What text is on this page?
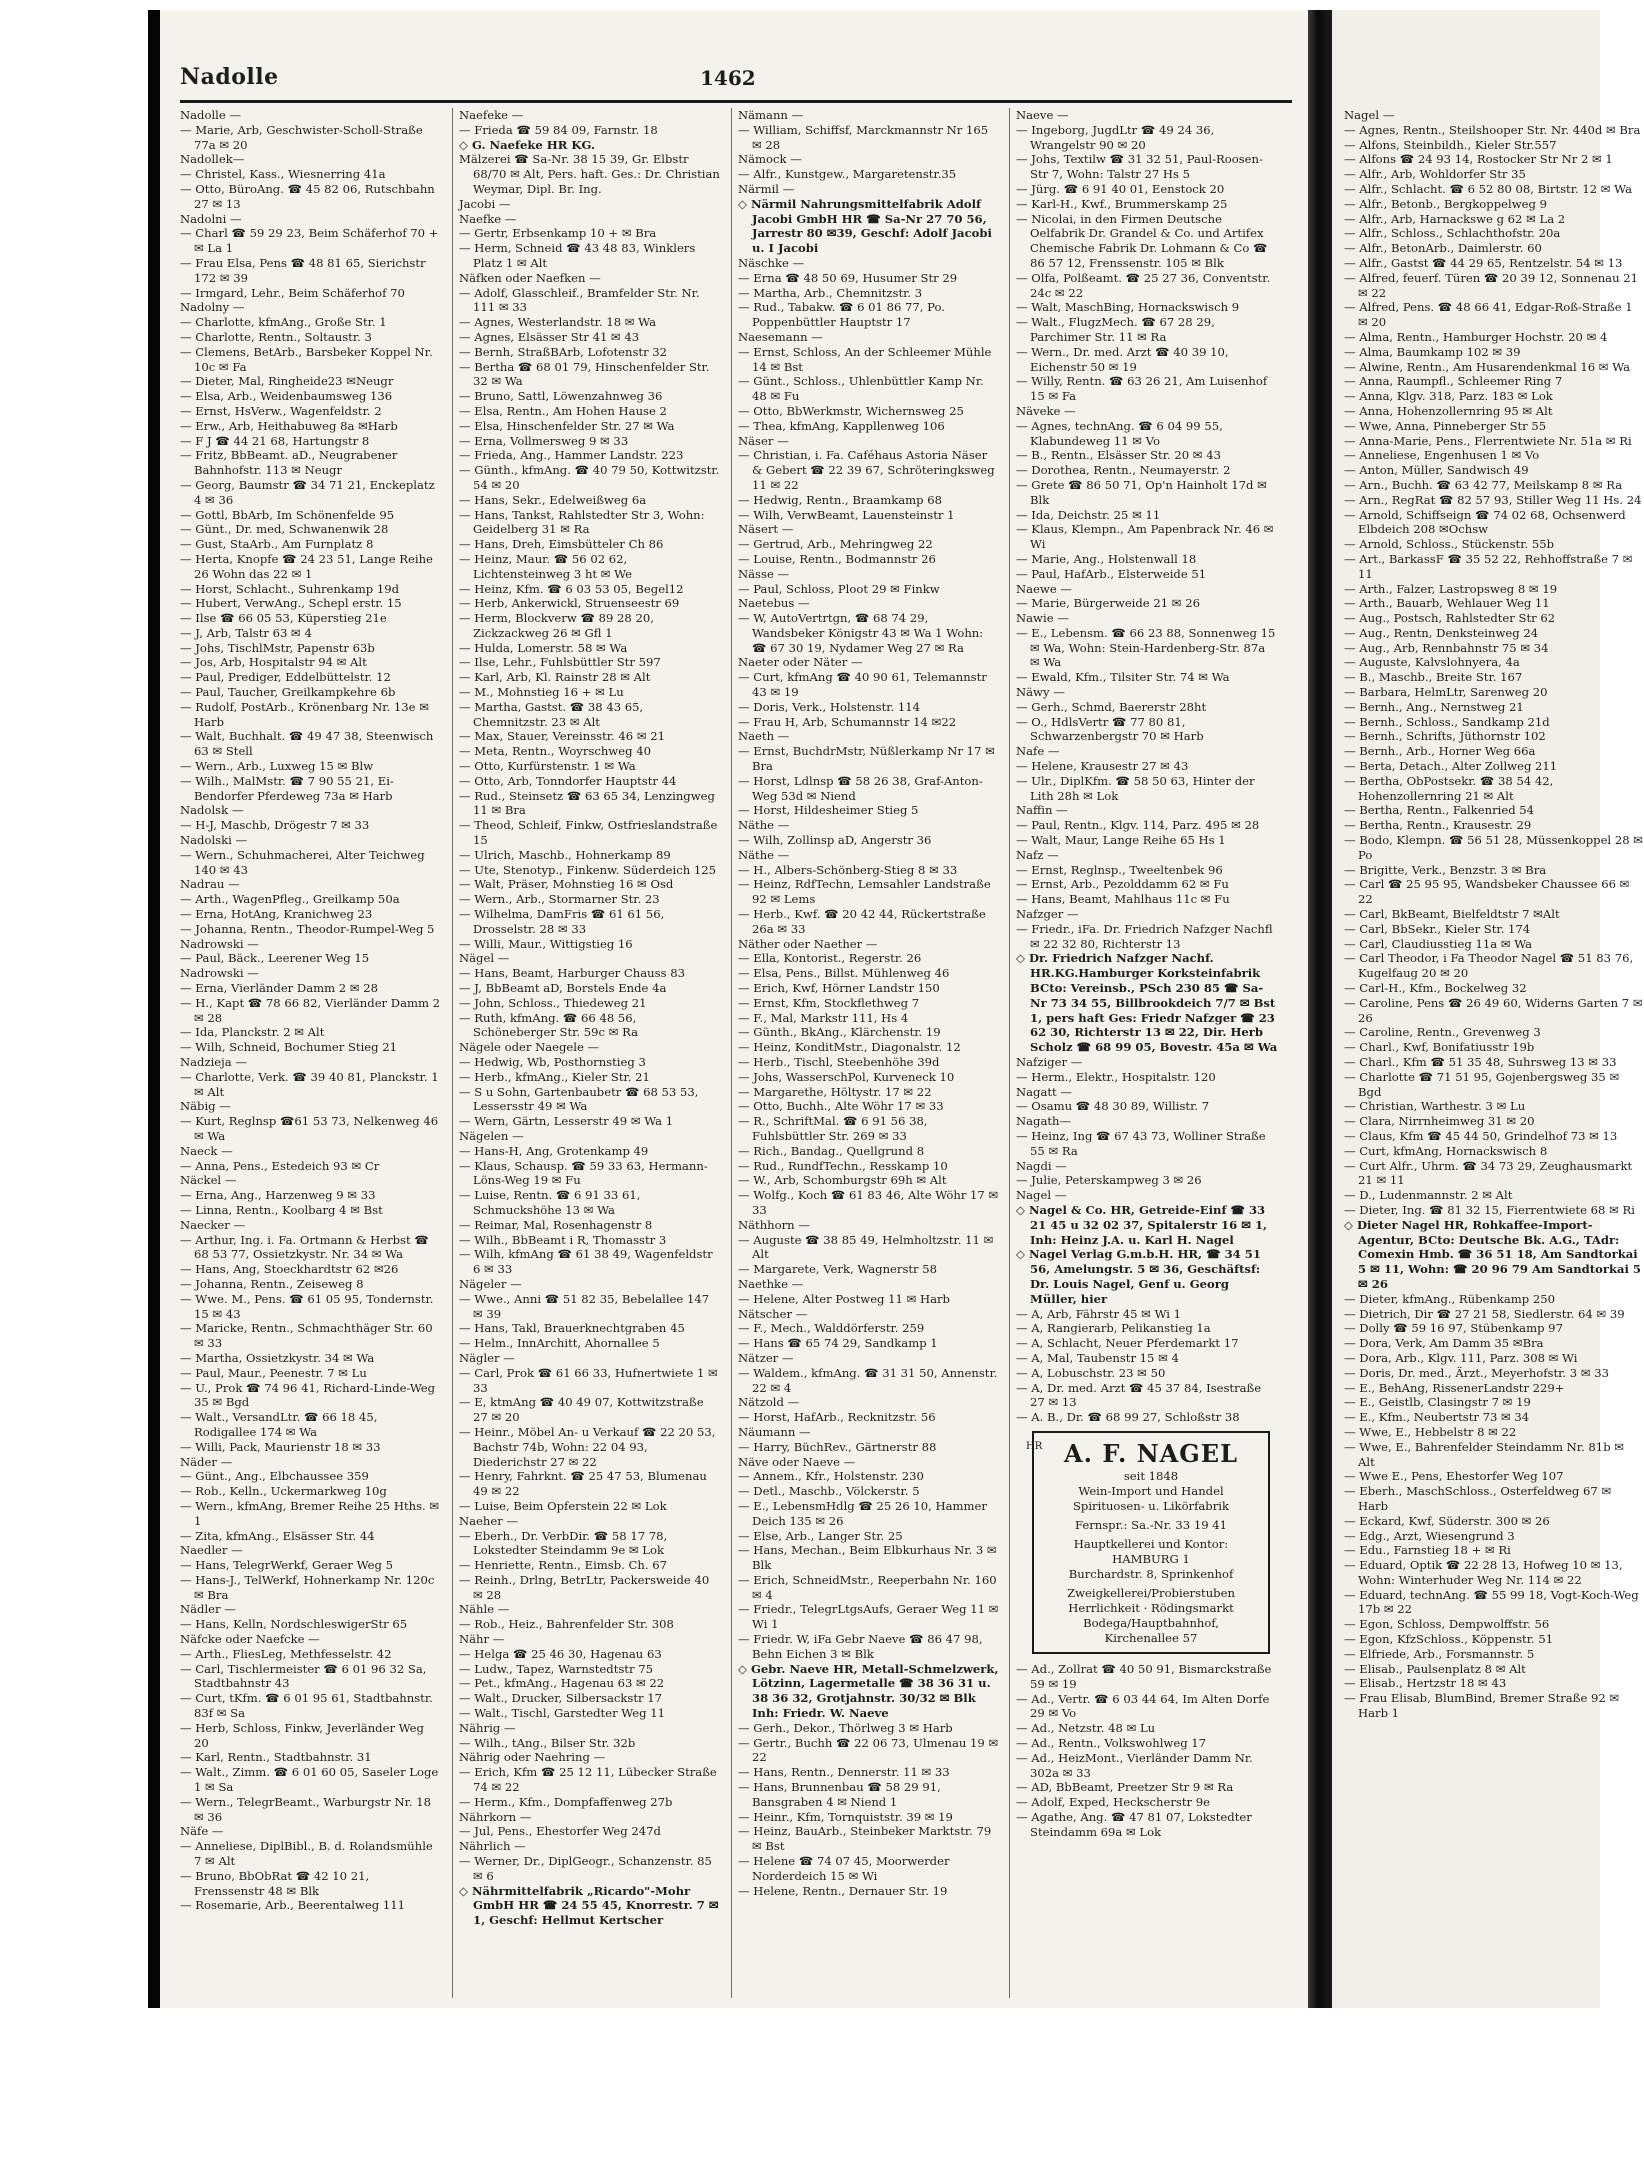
Nadolle	1462

Nadolle —

— Marie, Arb, Geschwister-Scholl-Straße 77a ✉ 20

Nadollek—

— Christel, Kass., Wiesnerring 41a

— Otto, BüroAng. ☎ 45 82 06, Rutschbahn 27 ✉ 13

Nadolni —

— Charl ☎ 59 29 23, Beim Schäferhof 70 + ✉ La 1

— Frau Elsa, Pens ☎ 48 81 65, Sierichstr 172 ✉ 39

— Irmgard, Lehr., Beim Schäferhof 70

Nadolny —

— Charlotte, kfmAng., Große Str. 1

— Charlotte, Rentn., Soltaustr. 3

— Clemens, BetArb., Barsbeker Koppel Nr. 10c ✉ Fa

— Dieter, Mal, Ringheide23 ✉Neugr

— Elsa, Arb., Weidenbaumsweg 136

— Ernst, HsVerw., Wagenfeldstr. 2

— Erw., Arb, Heithabuweg 8a ✉Harb

— F J ☎ 44 21 68, Hartungstr 8

— Fritz, BbBeamt. aD., Neugrabener Bahnhofstr. 113 ✉ Neugr

— Georg, Baumstr ☎ 34 71 21, Enckeplatz 4 ✉ 36

— Gottl, BbArb, Im Schönenfelde 95

— Günt., Dr. med, Schwanenwik 28

— Gust, StaArb., Am Furnplatz 8

— Herta, Knopfe ☎ 24 23 51, Lange Reihe 26 Wohn das 22 ✉ 1

— Horst, Schlacht., Suhrenkamp 19d

— Hubert, VerwAng., Schepl erstr. 15

— Ilse ☎ 66 05 53, Küperstieg 21e

— J, Arb, Talstr 63 ✉ 4

— Johs, TischlMstr, Papenstr 63b

— Jos, Arb, Hospitalstr 94 ✉ Alt

— Paul, Prediger, Eddelbüttelstr. 12

— Paul, Taucher, Greilkampkehre 6b

— Rudolf, PostArb., Krönenbarg Nr. 13e ✉ Harb

— Walt, Buchhalt. ☎ 49 47 38, Steenwisch 63 ✉ Stell

— Wern., Arb., Luxweg 15 ✉ Blw

— Wilh., MalMstr. ☎ 7 90 55 21, Ei-Bendorfer Pferdeweg 73a ✉ Harb

Nadolsk —

— H-J, Maschb, Drögestr 7 ✉ 33

Nadolski —

— Wern., Schuhmacherei, Alter Teichweg 140 ✉ 43

Nadrau —

— Arth., WagenPfleg., Greilkamp 50a

— Erna, HotAng, Kranichweg 23

— Johanna, Rentn., Theodor-Rumpel-Weg 5

Nadrowski —

— Paul, Bäck., Leerener Weg 15

Nadrowski —

— Erna, Vierländer Damm 2 ✉ 28

— H., Kapt ☎ 78 66 82, Vierländer Damm 2 ✉ 28

— Ida, Planckstr. 2 ✉ Alt

— Wilh, Schneid, Bochumer Stieg 21

Nadzieja —

— Charlotte, Verk. ☎ 39 40 81, Planckstr. 1 ✉ Alt

Näbig —

— Kurt, Reglnsp ☎61 53 73, Nelkenweg 46 ✉ Wa

Naeck —

— Anna, Pens., Estedeich 93 ✉ Cr

Näckel —

— Erna, Ang., Harzenweg 9 ✉ 33

— Linna, Rentn., Koolbarg 4 ✉ Bst

Naecker —

— Arthur, Ing. i. Fa. Ortmann & Herbst ☎ 68 53 77, Ossietzkystr. Nr. 34 ✉ Wa

— Hans, Ang, Stoeckhardtstr 62 ✉26

— Johanna, Rentn., Zeiseweg 8

— Wwe. M., Pens. ☎ 61 05 95, Tondernstr. 15 ✉ 43

— Maricke, Rentn., Schmachthäger Str. 60 ✉ 33

— Martha, Ossietzkystr. 34 ✉ Wa

— Paul, Maur., Peenestr. 7 ✉ Lu

— U., Prok ☎ 74 96 41, Richard-Linde-Weg 35 ✉ Bgd

— Walt., VersandLtr. ☎ 66 18 45, Rodigallee 174 ✉ Wa

— Willi, Pack, Maurienstr 18 ✉ 33

Näder —

— Günt., Ang., Elbchaussee 359

— Rob., Kelln., Uckermarkweg 10g

— Wern., kfmAng, Bremer Reihe 25 Hths. ✉ 1

— Zita, kfmAng., Elsässer Str. 44

Naedler —

— Hans, TelegrWerkf, Geraer Weg 5

— Hans-J., TelWerkf, Hohnerkamp Nr. 120c ✉ Bra

Nädler —

— Hans, Kelln, NordschleswigerStr 65

Näfcke oder Naefcke —

— Arth., FliesLeg, Methfesselstr. 42

— Carl, Tischlermeister ☎ 6 01 96 32 Sa, Stadtbahnstr 43

— Curt, tKfm. ☎ 6 01 95 61, Stadtbahnstr. 83f ✉ Sa

— Herb, Schloss, Finkw, Jeverländer Weg 20

— Karl, Rentn., Stadtbahnstr. 31

— Walt., Zimm. ☎ 6 01 60 05, Saseler Loge 1 ✉ Sa

— Wern., TelegrBeamt., Warburgstr Nr. 18 ✉ 36

Näfe —

— Anneliese, DiplBibl., B. d. Rolandsmühle 7 ✉ Alt

— Bruno, BbObRat ☎ 42 10 21, Frenssenstr 48 ✉ Blk

— Rosemarie, Arb., Beerentalweg 111

Naefeke —

— Frieda ☎ 59 84 09, Farnstr. 18

◇ G. Naefeke HR KG.

Mälzerei ☎ Sa-Nr. 38 15 39, Gr. Elbstr 68/70 ✉ Alt, Pers. haft. Ges.: Dr. Christian Weymar, Dipl. Br. Ing.

Jacobi —

Naefke —

— Gertr, Erbsenkamp 10 + ✉ Bra

— Herm, Schneid ☎ 43 48 83, Winklers Platz 1 ✉ Alt

Näfken oder Naefken —

— Adolf, Glasschleif., Bramfelder Str. Nr. 111 ✉ 33

— Agnes, Westerlandstr. 18 ✉ Wa

— Agnes, Elsässer Str 41 ✉ 43

— Bernh, StraßBArb, Lofotenstr 32

— Bertha ☎ 68 01 79, Hinschenfelder Str. 32 ✉ Wa

— Bruno, Sattl, Löwenzahnweg 36

— Elsa, Rentn., Am Hohen Hause 2

— Elsa, Hinschenfelder Str. 27 ✉ Wa

— Erna, Vollmersweg 9 ✉ 33

— Frieda, Ang., Hammer Landstr. 223

— Günth., kfmAng. ☎ 40 79 50, Kottwitzstr. 54 ✉ 20

— Hans, Sekr., Edelweißweg 6a

— Hans, Tankst, Rahlstedter Str 3, Wohn: Geidelberg 31 ✉ Ra

— Hans, Dreh, Eimsbütteler Ch 86

— Heinz, Maur. ☎ 56 02 62, Lichtensteinweg 3 ht ✉ We

— Heinz, Kfm. ☎ 6 03 53 05, Begel12

— Herb, Ankerwickl, Struenseestr 69

— Herm, Blockverw ☎ 89 28 20, Zickzackweg 26 ✉ Gfl 1

— Hulda, Lomerstr. 58 ✉ Wa

— Ilse, Lehr., Fuhlsbüttler Str 597

— Karl, Arb, Kl. Rainstr 28 ✉ Alt

— M., Mohnstieg 16 + ✉ Lu

— Martha, Gastst. ☎ 38 43 65, Chemnitzstr. 23 ✉ Alt

— Max, Stauer, Vereinsstr. 46 ✉ 21

— Meta, Rentn., Woyrschweg 40

— Otto, Kurfürstenstr. 1 ✉ Wa

— Otto, Arb, Tonndorfer Hauptstr 44

— Rud., Steinsetz ☎ 63 65 34, Lenzingweg 11 ✉ Bra

— Theod, Schleif, Finkw, Ostfrieslandstraße 15

— Ulrich, Maschb., Hohnerkamp 89

— Ute, Stenotyp., Finkenw. Süderdeich 125

— Walt, Präser, Mohnstieg 16 ✉ Osd

— Wern., Arb., Stormarner Str. 23

— Wilhelma, DamFris ☎ 61 61 56, Drosselstr. 28 ✉ 33

— Willi, Maur., Wittigstieg 16

Nägel —

— Hans, Beamt, Harburger Chauss 83

— J, BbBeamt aD, Borstels Ende 4a

— John, Schloss., Thiedeweg 21

— Ruth, kfmAng. ☎ 66 48 56, Schöneberger Str. 59c ✉ Ra

Nägele oder Naegele —

— Hedwig, Wb, Posthornstieg 3

— Herb., kfmAng., Kieler Str. 21

— S u Sohn, Gartenbaubetr ☎ 68 53 53, Lessersstr 49 ✉ Wa

— Wern, Gärtn, Lesserstr 49 ✉ Wa 1

Nägelen —

— Hans-H, Ang, Grotenkamp 49

— Klaus, Schausp. ☎ 59 33 63, Hermann-Löns-Weg 19 ✉ Fu

— Luise, Rentn. ☎ 6 91 33 61, Schmuckshöhe 13 ✉ Wa

— Reimar, Mal, Rosenhagenstr 8

— Wilh., BbBeamt i R, Thomasstr 3

— Wilh, kfmAng ☎ 61 38 49, Wagenfeldstr 6 ✉ 33

Nägeler —

— Wwe., Anni ☎ 51 82 35, Bebelallee 147 ✉ 39

— Hans, Takl, Brauerknechtgraben 45

— Helm., InnArchitt, Ahornallee 5

Nägler —

— Carl, Prok ☎ 61 66 33, Hufnertwiete 1 ✉ 33

— E, ktmAng ☎ 40 49 07, Kottwitzstraße 27 ✉ 20

— Heinr., Möbel An- u Verkauf ☎ 22 20 53, Bachstr 74b, Wohn: 22 04 93, Diederichstr 27 ✉ 22

— Henry, Fahrknt. ☎ 25 47 53, Blumenau 49 ✉ 22

— Luise, Beim Opferstein 22 ✉ Lok

Naeher —

— Eberh., Dr. VerbDir. ☎ 58 17 78, Lokstedter Steindamm 9e ✉ Lok

— Henriette, Rentn., Eimsb. Ch. 67

— Reinh., Drlng, BetrLtr, Packersweide 40 ✉ 28

Nähle —

— Rob., Heiz., Bahrenfelder Str. 308

Nähr —

— Helga ☎ 25 46 30, Hagenau 63

— Ludw., Tapez, Warnstedtstr 75

— Pet., kfmAng., Hagenau 63 ✉ 22

— Walt., Drucker, Silbersackstr 17

— Walt., Tischl, Garstedter Weg 11

Nährig —

— Wilh., tAng., Bilser Str. 32b

Nährig oder Naehring —

— Erich, Kfm ☎ 25 12 11, Lübecker Straße 74 ✉ 22

— Herm., Kfm., Dompfaffenweg 27b

Nährkorn —

— Jul, Pens., Ehestorfer Weg 247d

Nährlich —

— Werner, Dr., DiplGeogr., Schanzenstr. 85 ✉ 6

◇ Nährmittelfabrik „Ricardo"-Mohr GmbH HR ☎ 24 55 45, Knorrestr. 7 ✉ 1, Geschf: Hellmut Kertscher

Nämann —

— William, Schiffsf, Marckmannstr Nr 165 ✉ 28

Nämock —

— Alfr., Kunstgew., Margaretenstr.35

Närmil —

◇ Närmil Nahrungsmittelfabrik Adolf Jacobi GmbH HR ☎ Sa-Nr 27 70 56, Jarrestr 80 ✉39, Geschf: Adolf Jacobi u. I Jacobi

Näschke —

— Erna ☎ 48 50 69, Husumer Str 29

— Martha, Arb., Chemnitzstr. 3

— Rud., Tabakw. ☎ 6 01 86 77, Po. Poppenbüttler Hauptstr 17

Naesemann —

— Ernst, Schloss, An der Schleemer Mühle 14 ✉ Bst

— Günt., Schloss., Uhlenbüttler Kamp Nr. 48 ✉ Fu

— Otto, BbWerkmstr, Wichernsweg 25

— Thea, kfmAng, Kappllenweg 106

Näser —

— Christian, i. Fa. Caféhaus Astoria Näser & Gebert ☎ 22 39 67, Schröteringksweg 11 ✉ 22

— Hedwig, Rentn., Braamkamp 68

— Wilh, VerwBeamt, Lauensteinstr 1

Näsert —

— Gertrud, Arb., Mehringweg 22

— Louise, Rentn., Bodmannstr 26

Nässe —

— Paul, Schloss, Ploot 29 ✉ Finkw

Naetebus —

— W, AutoVertrtgn, ☎ 68 74 29, Wandsbeker Königstr 43 ✉ Wa 1 Wohn: ☎ 67 30 19, Nydamer Weg 27 ✉ Ra

Naeter oder Näter —

— Curt, kfmAng ☎ 40 90 61, Telemannstr 43 ✉ 19

— Doris, Verk., Holstenstr. 114

— Frau H, Arb, Schumannstr 14 ✉22

Naeth —

— Ernst, BuchdrMstr, Nüßlerkamp Nr 17 ✉ Bra

— Horst, Ldlnsp ☎ 58 26 38, Graf-Anton-Weg 53d ✉ Niend

— Horst, Hildesheimer Stieg 5

Näthe —

— Wilh, Zollinsp aD, Angerstr 36

Näthe —

— H., Albers-Schönberg-Stieg 8 ✉ 33

— Heinz, RdfTechn, Lemsahler Landstraße 92 ✉ Lems

— Herb., Kwf. ☎ 20 42 44, Rückertstraße 26a ✉ 33

Näther oder Naether —

— Ella, Kontorist., Regerstr. 26

— Elsa, Pens., Billst. Mühlenweg 46

— Erich, Kwf, Hörner Landstr 150

— Ernst, Kfm, Stockflethweg 7

— F., Mal, Markstr 111, Hs 4

— Günth., BkAng., Klärchenstr. 19

— Heinz, KonditMstr., Diagonalstr. 12

— Herb., Tischl, Steebenhöhe 39d

— Johs, WasserschPol, Kurveneck 10

— Margarethe, Höltystr. 17 ✉ 22

— Otto, Buchh., Alte Wöhr 17 ✉ 33

— R., SchriftMal. ☎ 6 91 56 38, Fuhlsbüttler Str. 269 ✉ 33

— Rich., Bandag., Quellgrund 8

— Rud., RundfTechn., Resskamp 10

— W., Arb, Schomburgstr 69h ✉ Alt

— Wolfg., Koch ☎ 61 83 46, Alte Wöhr 17 ✉ 33

Näthhorn —

— Auguste ☎ 38 85 49, Helmholtzstr. 11 ✉ Alt

— Margarete, Verk, Wagnerstr 58

Naethke —

— Helene, Alter Postweg 11 ✉ Harb

Nätscher —

— F., Mech., Walddörferstr. 259

— Hans ☎ 65 74 29, Sandkamp 1

Nätzer —

— Waldem., kfmAng. ☎ 31 31 50, Annenstr. 22 ✉ 4

Nätzold —

— Horst, HafArb., Recknitzstr. 56

Näumann —

— Harry, BüchRev., Gärtnerstr 88

Näve oder Naeve —

— Annem., Kfr., Holstenstr. 230

— Detl., Maschb., Völckerstr. 5

— E., LebensmHdlg ☎ 25 26 10, Hammer Deich 135 ✉ 26

— Else, Arb., Langer Str. 25

— Hans, Mechan., Beim Elbkurhaus Nr. 3 ✉ Blk

— Erich, SchneidMstr., Reeperbahn Nr. 160 ✉ 4

— Friedr., TelegrLtgsAufs, Geraer Weg 11 ✉ Wi 1

— Friedr. W, iFa Gebr Naeve ☎ 86 47 98, Behn Eichen 3 ✉ Blk

◇ Gebr. Naeve HR, Metall-Schmelzwerk, Lötzinn, Lagermetalle ☎ 38 36 31 u. 38 36 32, Grotjahnstr. 30/32 ✉ Blk Inh: Friedr. W. Naeve

— Gerh., Dekor., Thörlweg 3 ✉ Harb

— Gertr., Buchh ☎ 22 06 73, Ulmenau 19 ✉ 22

— Hans, Rentn., Dennerstr. 11 ✉ 33

— Hans, Brunnenbau ☎ 58 29 91, Bansgraben 4 ✉ Niend 1

— Heinr., Kfm, Tornquiststr. 39 ✉ 19

— Heinz, BauArb., Steinbeker Marktstr. 79 ✉ Bst

— Helene ☎ 74 07 45, Moorwerder Norderdeich 15 ✉ Wi

— Helene, Rentn., Dernauer Str. 19

Naeve —

— Ingeborg, JugdLtr ☎ 49 24 36, Wrangelstr 90 ✉ 20

— Johs, Textilw ☎ 31 32 51, Paul-Roosen-Str 7, Wohn: Talstr 27 Hs 5

— Jürg. ☎ 6 91 40 01, Eenstock 20

— Karl-H., Kwf., Brummerskamp 25

— Nicolai, in den Firmen Deutsche Oelfabrik Dr. Grandel & Co. und Artifex Chemische Fabrik Dr. Lohmann & Co ☎ 86 57 12, Frenssenstr. 105 ✉ Blk

— Olfa, Polßeamt. ☎ 25 27 36, Conventstr. 24c ✉ 22

— Walt, MaschBing, Hornackswisch 9

— Walt., FlugzMech. ☎ 67 28 29, Parchimer Str. 11 ✉ Ra

— Wern., Dr. med. Arzt ☎ 40 39 10, Eichenstr 50 ✉ 19

— Willy, Rentn. ☎ 63 26 21, Am Luisenhof 15 ✉ Fa

Näveke —

— Agnes, technAng. ☎ 6 04 99 55, Klabundeweg 11 ✉ Vo

— B., Rentn., Elsässer Str. 20 ✉ 43

— Dorothea, Rentn., Neumayerstr. 2

— Grete ☎ 86 50 71, Op'n Hainholt 17d ✉ Blk

— Ida, Deichstr. 25 ✉ 11

— Klaus, Klempn., Am Papenbrack Nr. 46 ✉ Wi

— Marie, Ang., Holstenwall 18

— Paul, HafArb., Elsterweide 51

Naewe —

— Marie, Bürgerweide 21 ✉ 26

Nawie —

— E., Lebensm. ☎ 66 23 88, Sonnenweg 15 ✉ Wa, Wohn: Stein-Hardenberg-Str. 87a ✉ Wa

— Ewald, Kfm., Tilsiter Str. 74 ✉ Wa

Näwy —

— Gerh., Schmd, Baererstr 28ht

— O., HdlsVertr ☎ 77 80 81, Schwarzenbergstr 70 ✉ Harb

Nafe —

— Helene, Krausestr 27 ✉ 43

— Ulr., DiplKfm. ☎ 58 50 63, Hinter der Lith 28h ✉ Lok

Naffin —

— Paul, Rentn., Klgv. 114, Parz. 495 ✉ 28

— Walt, Maur, Lange Reihe 65 Hs 1

Nafz —

— Ernst, Reglnsp., Tweeltenbek 96

— Ernst, Arb., Pezolddamm 62 ✉ Fu

— Hans, Beamt, Mahlhaus 11c ✉ Fu

Nafzger —

— Friedr., iFa. Dr. Friedrich Nafzger Nachfl ✉ 22 32 80, Richterstr 13

◇ Dr. Friedrich Nafzger Nachf. HR.KG.Hamburger Korksteinfabrik BCto: Vereinsb., PSch 230 85 ☎ Sa-Nr 73 34 55, Billbrookdeich 7/7 ✉ Bst 1, pers haft Ges: Friedr Nafzger ☎ 23 62 30, Richterstr 13 ✉ 22, Dir. Herb Scholz ☎ 68 99 05, Bovestr. 45a ✉ Wa

Nafziger —

— Herm., Elektr., Hospitalstr. 120

Nagatt —

— Osamu ☎ 48 30 89, Willistr. 7

Nagath—

— Heinz, Ing ☎ 67 43 73, Wolliner Straße 55 ✉ Ra

Nagdi —

— Julie, Peterskampweg 3 ✉ 26

Nagel —

◇ Nagel & Co. HR, Getreide-Einf ☎ 33 21 45 u 32 02 37, Spitalerstr 16 ✉ 1, Inh: Heinz J.A. u. Karl H. Nagel

◇ Nagel Verlag G.m.b.H. HR, ☎ 34 51 56, Amelungstr. 5 ✉ 36, Geschäftsf: Dr. Louis Nagel, Genf u. Georg Müller, hier

— A, Arb, Fährstr 45 ✉ Wi 1

— A, Rangierarb, Pelikanstieg 1a

— A, Schlacht, Neuer Pferdemarkt 17

— A, Mal, Taubenstr 15 ✉ 4

— A, Lobuschstr. 23 ✉ 50

— A, Dr. med. Arzt ☎ 45 37 84, Isestraße 27 ✉ 13

— A. B., Dr. ☎ 68 99 27, Schloßstr 38

HR A. F. NAGEL
seit 1848
Wein-Import und Handel
Spirituosen- u. Likörfabrik
Fernspr.: Sa.-Nr. 33 19 41
Hauptkellerei und Kontor:
HAMBURG 1
Burchardstr. 8, Sprinkenhof
Zweigkellerei/Probierstuben
Herrlichkeit · Rödingsmarkt
Bodega/Hauptbahnhof,
Kirchenallee 57

— Ad., Zollrat ☎ 40 50 91, Bismarckstraße 59 ✉ 19

— Ad., Vertr. ☎ 6 03 44 64, Im Alten Dorfe 29 ✉ Vo

— Ad., Netzstr. 48 ✉ Lu

— Ad., Rentn., Volkswohlweg 17

— Ad., HeizMont., Vierländer Damm Nr. 302a ✉ 33

— AD, BbBeamt, Preetzer Str 9 ✉ Ra

— Adolf, Exped, Heckscherstr 9e

— Agathe, Ang. ☎ 47 81 07, Lokstedter Steindamm 69a ✉ Lok

Nagel —

— Agnes, Rentn., Steilshooper Str. Nr. 440d ✉ Bra

— Alfons, Steinbildh., Kieler Str.557

— Alfons ☎ 24 93 14, Rostocker Str Nr 2 ✉ 1

— Alfr., Arb, Wohldorfer Str 35

— Alfr., Schlacht. ☎ 6 52 80 08, Birtstr. 12 ✉ Wa

— Alfr., Betonb., Bergkoppelweg 9

— Alfr., Arb, Harnackswe g 62 ✉ La 2

— Alfr., Schloss., Schlachthofstr. 20a

— Alfr., BetonArb., Daimlerstr. 60

— Alfr., Gastst ☎ 44 29 65, Rentzelstr. 54 ✉ 13

— Alfred, feuerf. Türen ☎ 20 39 12, Sonnenau 21 ✉ 22

— Alfred, Pens. ☎ 48 66 41, Edgar-Roß-Straße 1 ✉ 20

— Alma, Rentn., Hamburger Hochstr. 20 ✉ 4

— Alma, Baumkamp 102 ✉ 39

— Alwine, Rentn., Am Husarendenkmal 16 ✉ Wa

— Anna, Raumpfl., Schleemer Ring 7

— Anna, Klgv. 318, Parz. 183 ✉ Lok

— Anna, Hohenzollernring 95 ✉ Alt

— Wwe, Anna, Pinneberger Str 55

— Anna-Marie, Pens., Flerrentwiete Nr. 51a ✉ Ri

— Anneliese, Engenhusen 1 ✉ Vo

— Anton, Müller, Sandwisch 49

— Arn., Buchh. ☎ 63 42 77, Meilskamp 8 ✉ Ra

— Arn., RegRat ☎ 82 57 93, Stiller Weg 11 Hs. 24

— Arnold, Schiffseign ☎ 74 02 68, Ochsenwerd Elbdeich 208 ✉Ochsw

— Arnold, Schloss., Stückenstr. 55b

— Art., BarkassF ☎ 35 52 22, Rehhoffstraße 7 ✉ 11

— Arth., Falzer, Lastropsweg 8 ✉ 19

— Arth., Bauarb, Wehlauer Weg 11

— Aug., Postsch, Rahlstedter Str 62

— Aug., Rentn, Denksteinweg 24

— Aug., Arb, Rennbahnstr 75 ✉ 34

— Auguste, Kalvslohnyera, 4a

— B., Maschb., Breite Str. 167

— Barbara, HelmLtr, Sarenweg 20

— Bernh., Ang., Nernstweg 21

— Bernh., Schloss., Sandkamp 21d

— Bernh., Schrifts, Jüthornstr 102

— Bernh., Arb., Horner Weg 66a

— Berta, Detach., Alter Zollweg 211

— Bertha, ObPostsekr. ☎ 38 54 42, Hohenzollernring 21 ✉ Alt

— Bertha, Rentn., Falkenried 54

— Bertha, Rentn., Krausestr. 29

— Bodo, Klempn. ☎ 56 51 28, Müssenkoppel 28 ✉ Po

— Brigitte, Verk., Benzstr. 3 ✉ Bra

— Carl ☎ 25 95 95, Wandsbeker Chaussee 66 ✉ 22

— Carl, BkBeamt, Bielfeldtstr 7 ✉Alt

— Carl, BbSekr., Kieler Str. 174

— Carl, Claudiusstieg 11a ✉ Wa

— Carl Theodor, i Fa Theodor Nagel ☎ 51 83 76, Kugelfaug 20 ✉ 20

— Carl-H., Kfm., Bockelweg 32

— Caroline, Pens ☎ 26 49 60, Widerns Garten 7 ✉ 26

— Caroline, Rentn., Grevenweg 3

— Charl., Kwf, Bonifatiusstr 19b

— Charl., Kfm ☎ 51 35 48, Suhrsweg 13 ✉ 33

— Charlotte ☎ 71 51 95, Gojenbergsweg 35 ✉ Bgd

— Christian, Warthestr. 3 ✉ Lu

— Clara, Nirrnheimweg 31 ✉ 20

— Claus, Kfm ☎ 45 44 50, Grindelhof 73 ✉ 13

— Curt, kfmAng, Hornackswisch 8

— Curt Alfr., Uhrm. ☎ 34 73 29, Zeughausmarkt 21 ✉ 11

— D., Ludenmannstr. 2 ✉ Alt

— Dieter, Ing. ☎ 81 32 15, Fierrentwiete 68 ✉ Ri

◇ Dieter Nagel HR, Rohkaffee-Import-Agentur, BCto: Deutsche Bk. A.G., TAdr: Comexin Hmb. ☎ 36 51 18, Am Sandtorkai 5 ✉ 11, Wohn: ☎ 20 96 79 Am Sandtorkai 5 ✉ 26

— Dieter, kfmAng., Rübenkamp 250

— Dietrich, Dir ☎ 27 21 58, Siedlerstr. 64 ✉ 39

— Dolly ☎ 59 16 97, Stübenkamp 97

— Dora, Verk, Am Damm 35 ✉Bra

— Dora, Arb., Klgv. 111, Parz. 308 ✉ Wi

— Doris, Dr. med., Ärzt., Meyerhofstr. 3 ✉ 33

— E., BehAng, RissenerLandstr 229+

— E., Geistlb, Clasingstr 7 ✉ 19

— E., Kfm., Neubertstr 73 ✉ 34

— Wwe, E., Hebbelstr 8 ✉ 22

— Wwe, E., Bahrenfelder Steindamm Nr. 81b ✉ Alt

— Wwe E., Pens, Ehestorfer Weg 107

— Eberh., MaschSchloss., Osterfeldweg 67 ✉ Harb

— Eckard, Kwf, Süderstr. 300 ✉ 26

— Edg., Arzt, Wiesengrund 3

— Edu., Farnstieg 18 + ✉ Ri

— Eduard, Optik ☎ 22 28 13, Hofweg 10 ✉ 13, Wohn: Winterhuder Weg Nr. 114 ✉ 22

— Eduard, technAng. ☎ 55 99 18, Vogt-Koch-Weg 17b ✉ 22

— Egon, Schloss, Dempwolffstr. 56

— Egon, KfzSchloss., Köppenstr. 51

— Elfriede, Arb., Forsmannstr. 5

— Elisab., Paulsenplatz 8 ✉ Alt

— Elisab., Hertzstr 18 ✉ 43

— Frau Elisab, BlumBind, Bremer Straße 92 ✉ Harb 1
